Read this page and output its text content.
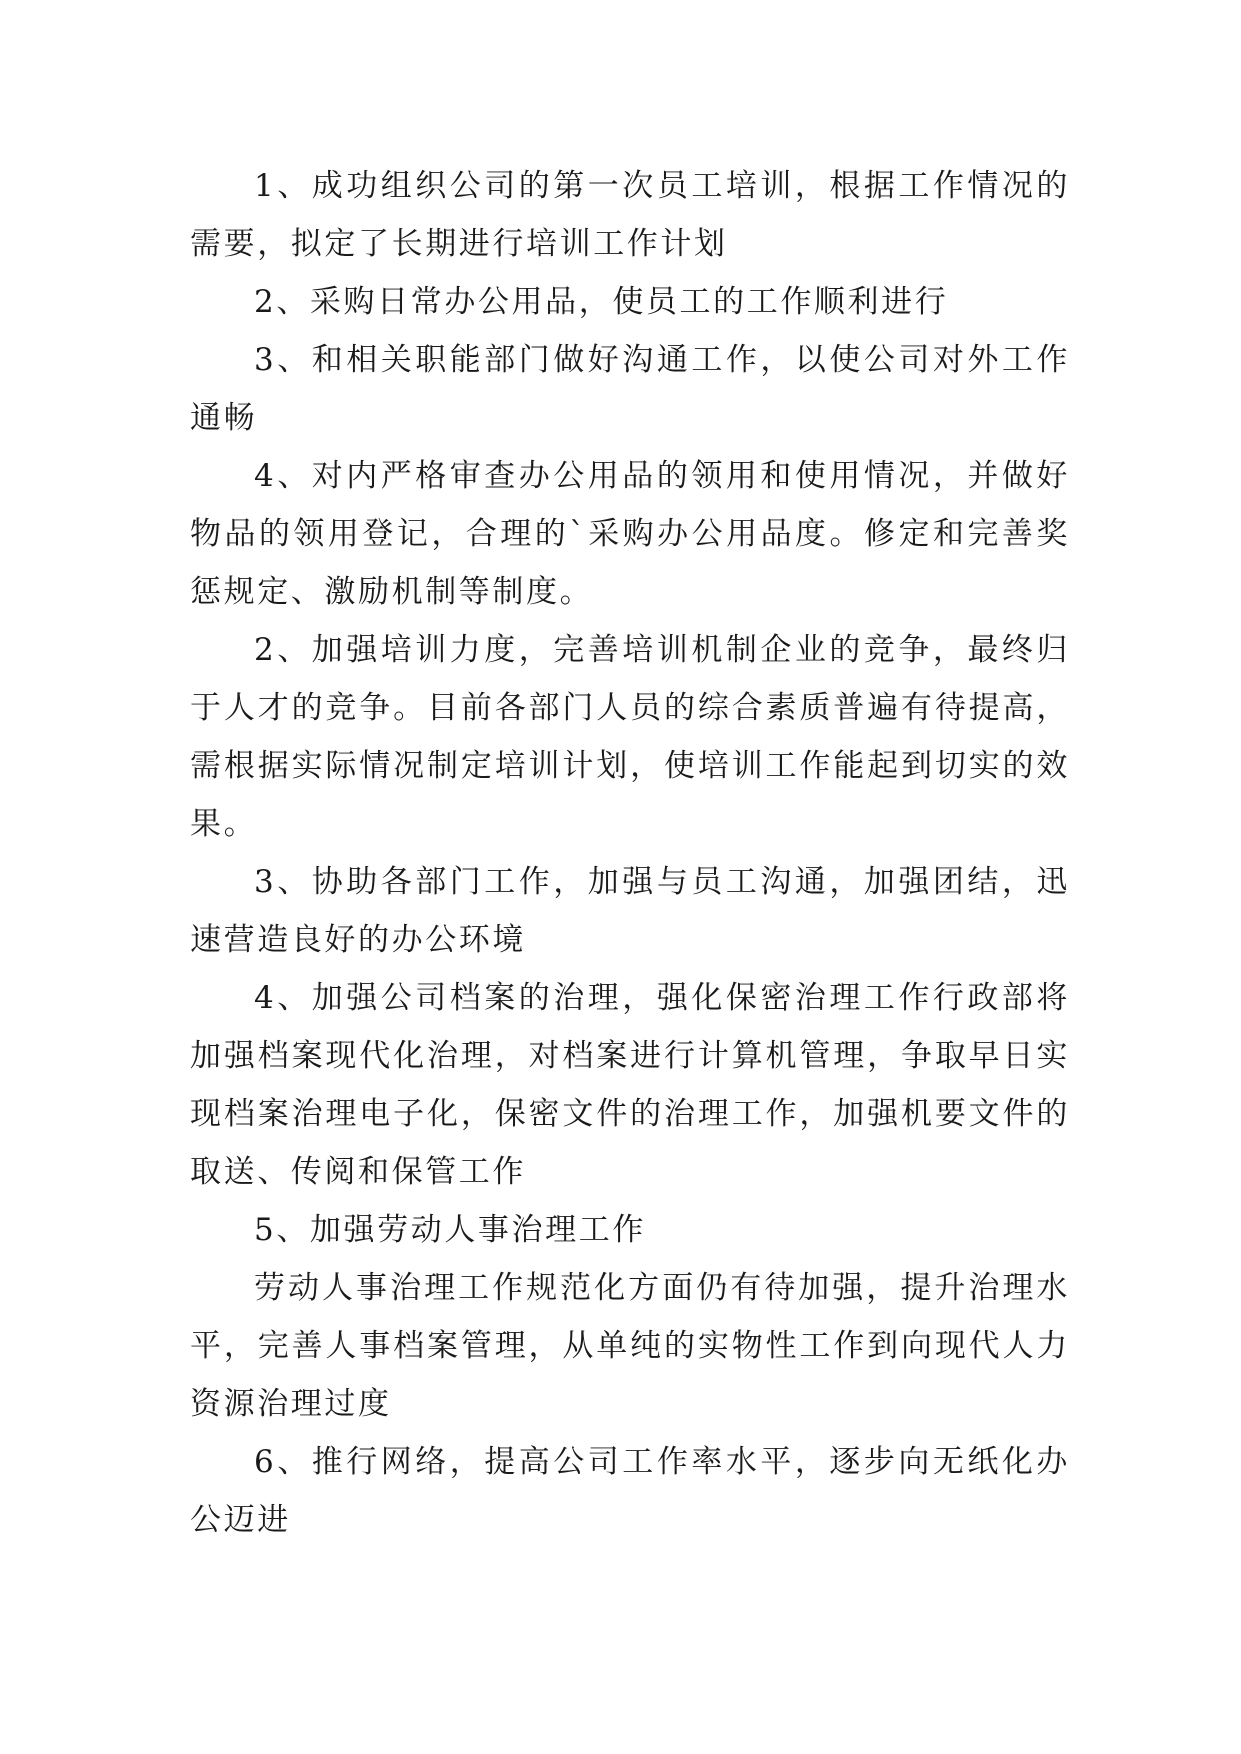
1、成功组织公司的第一次员工培训，根据工作情况的需要，拟定了长期进行培训工作计划

2、采购日常办公用品，使员工的工作顺利进行

3、和相关职能部门做好沟通工作，以使公司对外工作通畅

4、对内严格审查办公用品的领用和使用情况，并做好物品的领用登记，合理的`采购办公用品度。修定和完善奖惩规定、激励机制等制度。

2、加强培训力度，完善培训机制企业的竞争，最终归于人才的竞争。目前各部门人员的综合素质普遍有待提高，需根据实际情况制定培训计划，使培训工作能起到切实的效果。

3、协助各部门工作，加强与员工沟通，加强团结，迅速营造良好的办公环境

4、加强公司档案的治理，强化保密治理工作行政部将加强档案现代化治理，对档案进行计算机管理，争取早日实现档案治理电子化，保密文件的治理工作，加强机要文件的取送、传阅和保管工作

5、加强劳动人事治理工作

劳动人事治理工作规范化方面仍有待加强，提升治理水平，完善人事档案管理，从单纯的实物性工作到向现代人力资源治理过度

6、推行网络，提高公司工作率水平，逐步向无纸化办公迈进
